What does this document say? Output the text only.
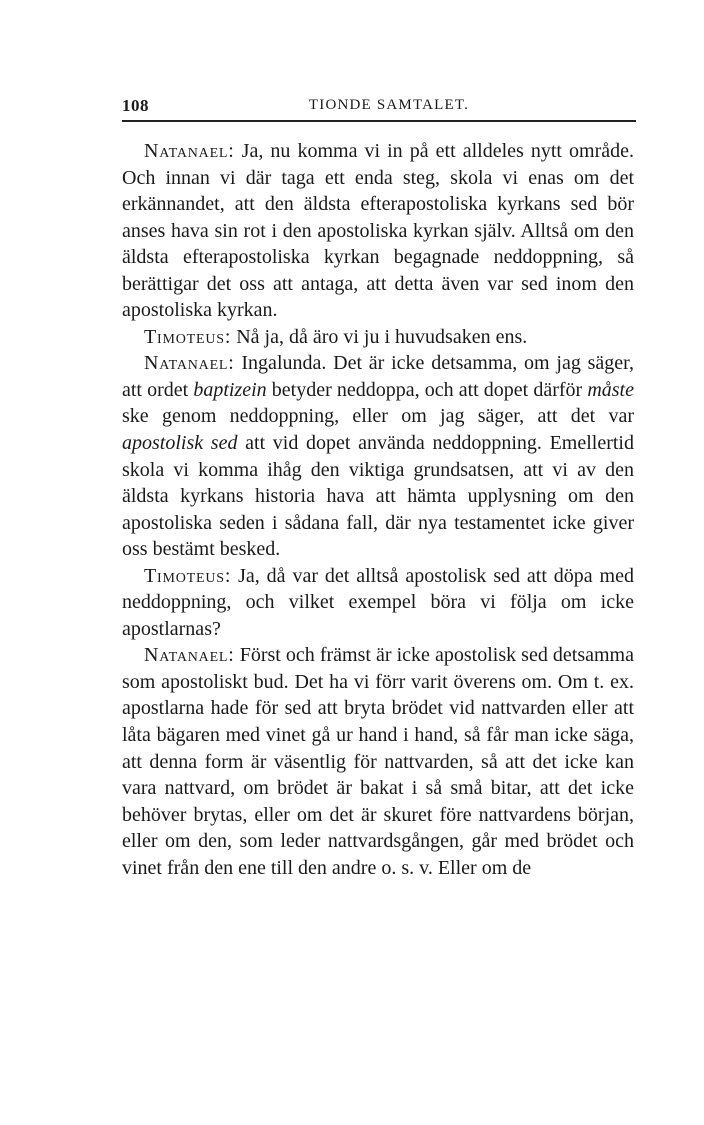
108	TIONDE SAMTALET.

Natanael: Ja, nu komma vi in på ett alldeles nytt område. Och innan vi där taga ett enda steg, skola vi enas om det erkännandet, att den äldsta efterapostoliska kyrkans sed bör anses hava sin rot i den apostoliska kyrkan själv. Alltså om den äldsta efterapostoliska kyrkan begagnade neddoppning, så berättigar det oss att antaga, att detta även var sed inom den apostoliska kyrkan.

Timoteus: Nå ja, då äro vi ju i huvudsaken ens.

Natanael: Ingalunda. Det är icke detsamma, om jag säger, att ordet baptizein betyder neddoppa, och att dopet därför måste ske genom neddoppning, eller om jag säger, att det var apostolisk sed att vid dopet använda neddoppning. Emellertid skola vi komma ihåg den viktiga grundsatsen, att vi av den äldsta kyrkans historia hava att hämta upplysning om den apostoliska seden i sådana fall, där nya testamentet icke giver oss bestämt besked.

Timoteus: Ja, då var det alltså apostolisk sed att döpa med neddoppning, och vilket exempel böra vi följa om icke apostlarnas?

Natanael: Först och främst är icke apostolisk sed detsamma som apostoliskt bud. Det ha vi förr varit överens om. Om t. ex. apostlarna hade för sed att bryta brödet vid nattvarden eller att låta bägaren med vinet gå ur hand i hand, så får man icke säga, att denna form är väsentlig för nattvarden, så att det icke kan vara nattvard, om brödet är bakat i så små bitar, att det icke behöver brytas, eller om det är skuret före nattvardens början, eller om den, som leder nattvardsgången, går med brödet och vinet från den ene till den andre o. s. v. Eller om de
